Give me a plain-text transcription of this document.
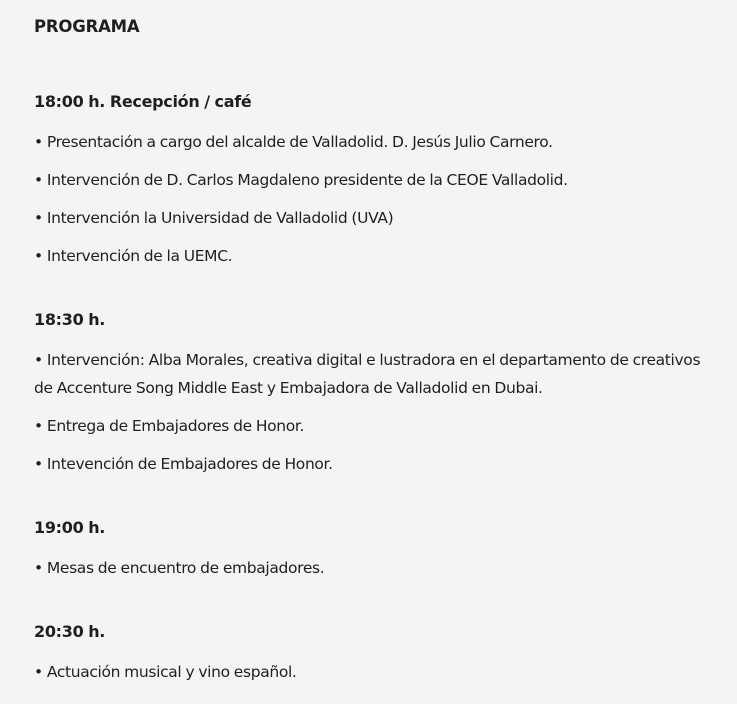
PROGRAMA
18:00 h. Recepción / café
• Presentación a cargo del alcalde de Valladolid. D. Jesús Julio Carnero.
• Intervención de D. Carlos Magdaleno presidente de la CEOE Valladolid.
• Intervención la Universidad de Valladolid (UVA)
• Intervención de la UEMC.
18:30 h.
• Intervención: Alba Morales, creativa digital e lustradora en el departamento de creativos de Accenture Song Middle East y Embajadora de Valladolid en Dubai.
• Entrega de Embajadores de Honor.
• Intevención de Embajadores de Honor.
19:00 h.
• Mesas de encuentro de embajadores.
20:30 h.
• Actuación musical y vino español.
